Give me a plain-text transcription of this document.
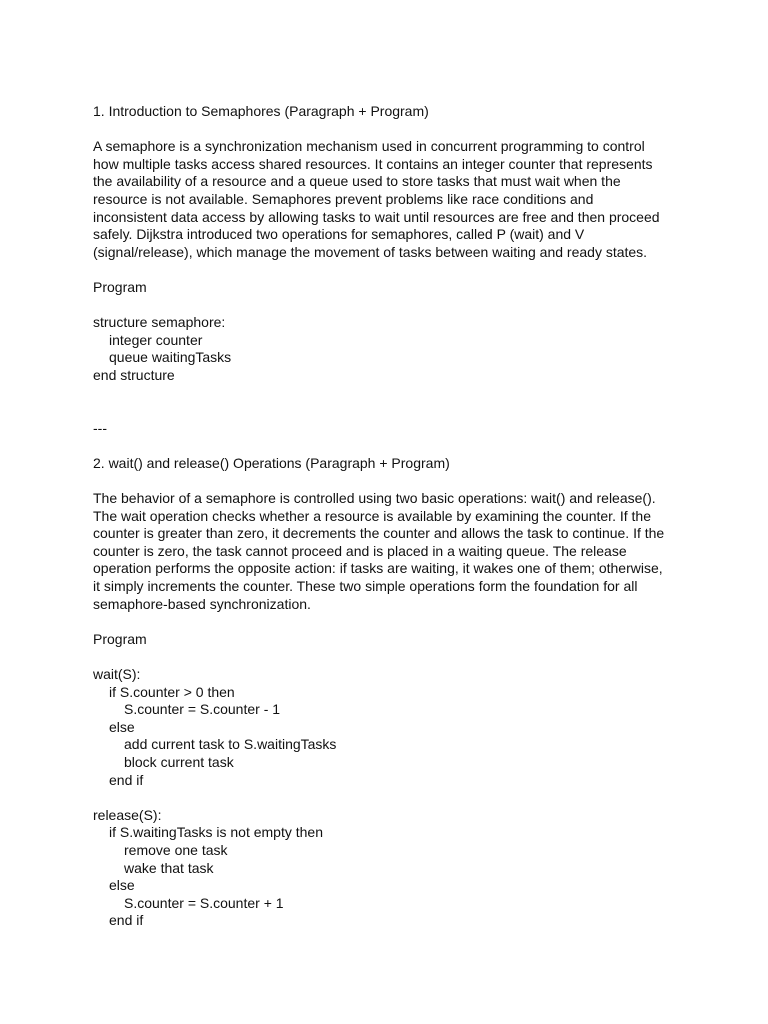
1. Introduction to Semaphores (Paragraph + Program)
A semaphore is a synchronization mechanism used in concurrent programming to control
how multiple tasks access shared resources. It contains an integer counter that represents
the availability of a resource and a queue used to store tasks that must wait when the
resource is not available. Semaphores prevent problems like race conditions and
inconsistent data access by allowing tasks to wait until resources are free and then proceed
safely. Dijkstra introduced two operations for semaphores, called P (wait) and V
(signal/release), which manage the movement of tasks between waiting and ready states.
Program
structure semaphore:
integer counter
queue waitingTasks
end structure
---
2. wait() and release() Operations (Paragraph + Program)
The behavior of a semaphore is controlled using two basic operations: wait() and release().
The wait operation checks whether a resource is available by examining the counter. If the
counter is greater than zero, it decrements the counter and allows the task to continue. If the
counter is zero, the task cannot proceed and is placed in a waiting queue. The release
operation performs the opposite action: if tasks are waiting, it wakes one of them; otherwise,
it simply increments the counter. These two simple operations form the foundation for all
semaphore-based synchronization.
Program
wait(S):
if S.counter > 0 then
S.counter = S.counter - 1
else
add current task to S.waitingTasks
block current task
end if
release(S):
if S.waitingTasks is not empty then
remove one task
wake that task
else
S.counter = S.counter + 1
end if
